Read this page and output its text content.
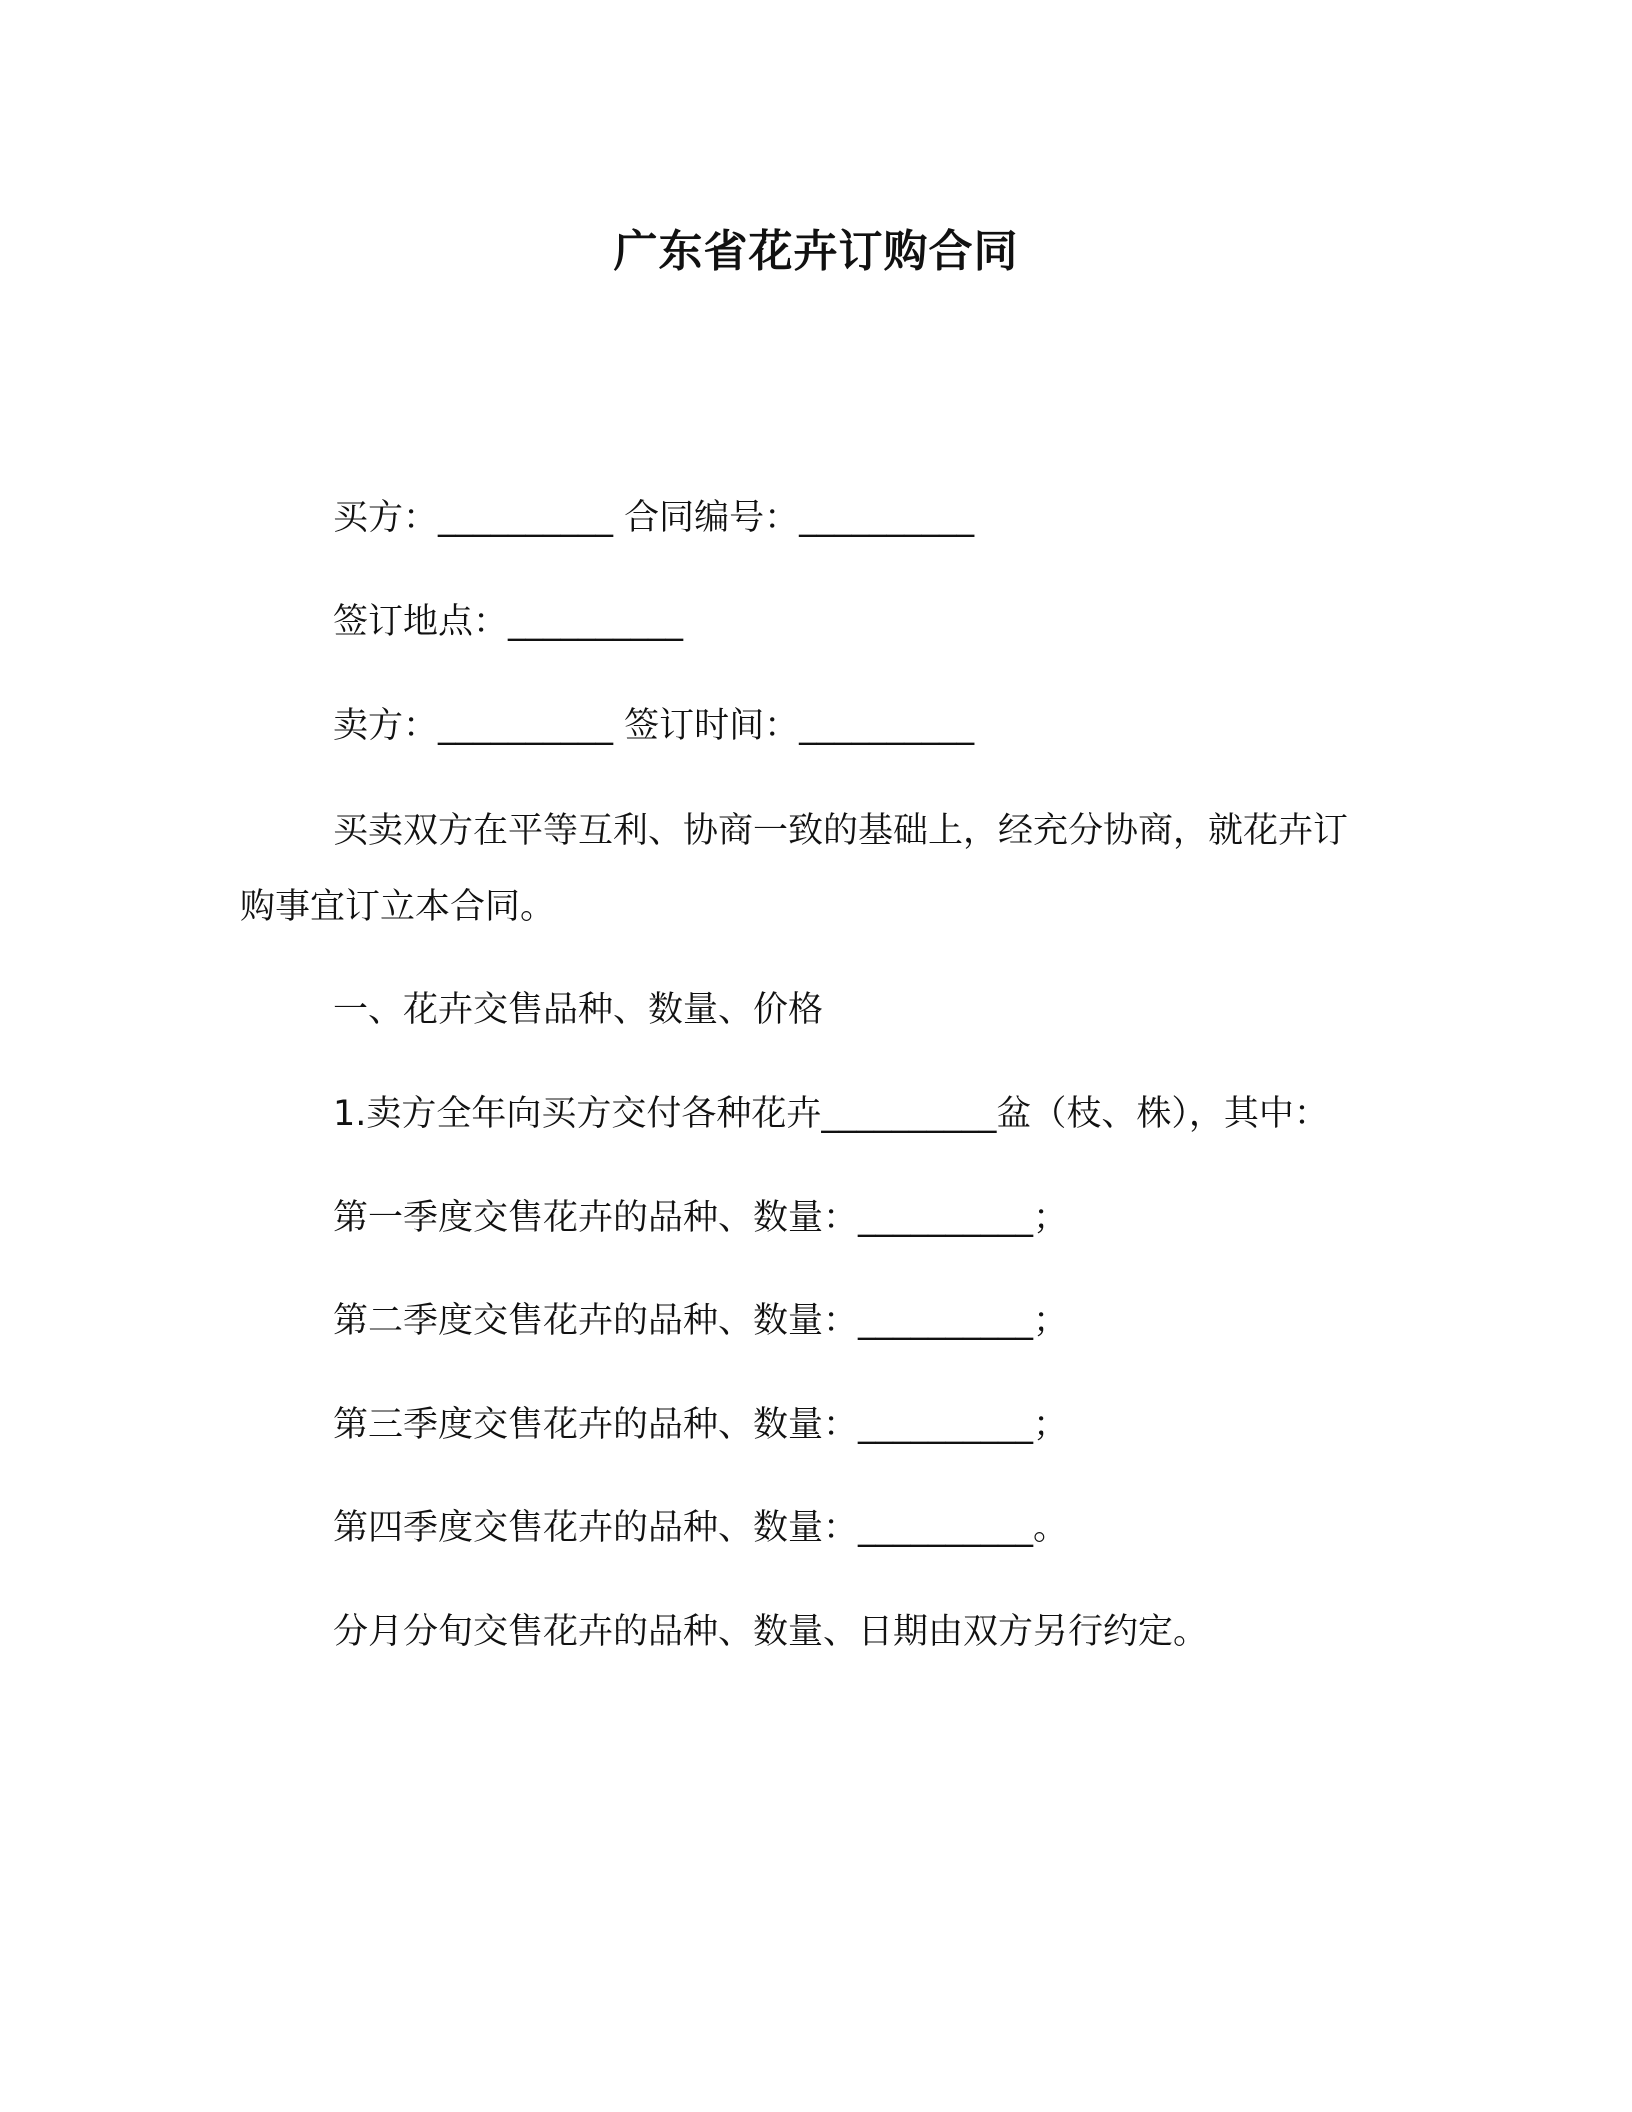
广东省花卉订购合同
买方：__________ 合同编号：__________
签订地点：__________
卖方：__________ 签订时间：__________
买卖双方在平等互利、协商一致的基础上，经充分协商，就花卉订购事宜订立本合同。
一、花卉交售品种、数量、价格
1.卖方全年向买方交付各种花卉__________盆（枝、株），其中：
第一季度交售花卉的品种、数量：__________；
第二季度交售花卉的品种、数量：__________；
第三季度交售花卉的品种、数量：__________；
第四季度交售花卉的品种、数量：__________。
分月分旬交售花卉的品种、数量、日期由双方另行约定。
